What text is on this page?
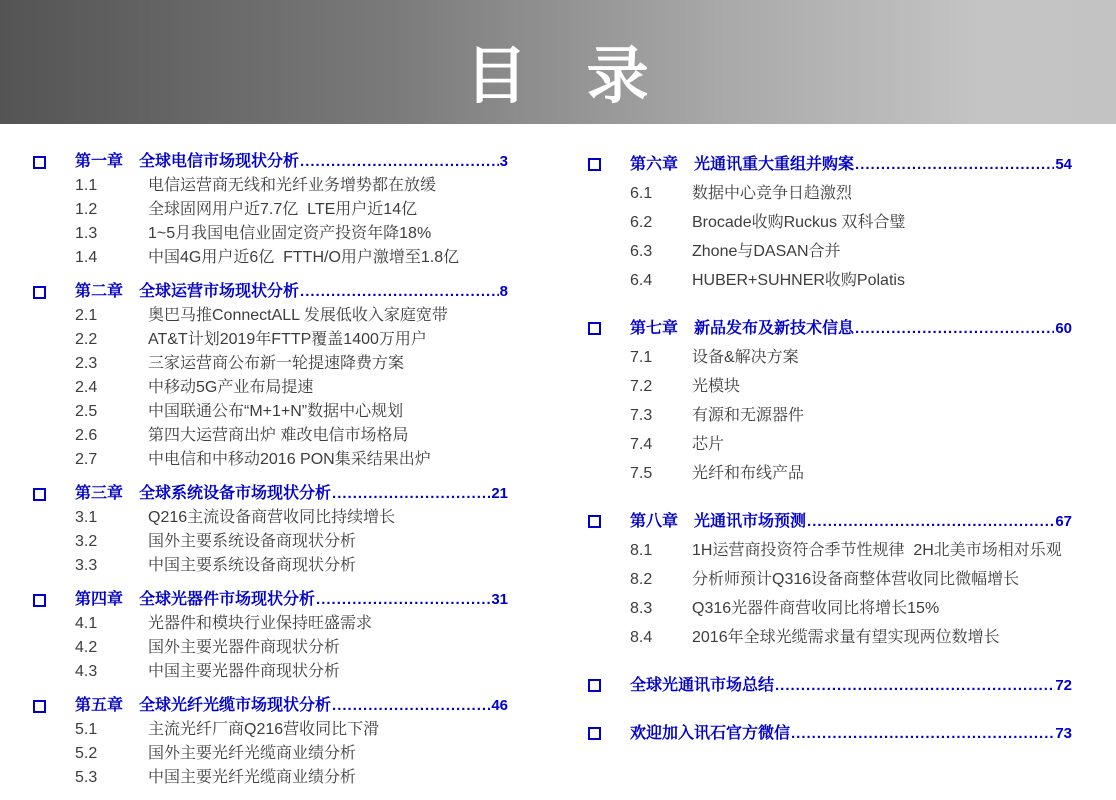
目 录
第一章 全球电信市场现状分析 .....	3
1.1	电信运营商无线和光纤业务增势都在放缓
1.2	全球固网用户近7.7亿  LTE用户近14亿
1.3	1~5月我国电信业固定资产投资年降18%
1.4	中国4G用户近6亿  FTTH/O用户激增至1.8亿
第二章 全球运营市场现状分析 .....	8
2.1	奥巴马推ConnectALL 发展低收入家庭宽带
2.2	AT&T计划2019年FTTP覆盖1400万用户
2.3	三家运营商公布新一轮提速降费方案
2.4	中移动5G产业布局提速
2.5	中国联通公布“M+1+N”数据中心规划
2.6	第四大运营商出炉 难改电信市场格局
2.7	中电信和中移动2016 PON集采结果出炉
第三章 全球系统设备市场现状分析 .....	21
3.1	Q216主流设备商营收同比持续增长
3.2	国外主要系统设备商现状分析
3.3	中国主要系统设备商现状分析
第四章 全球光器件市场现状分析 .....	31
4.1	光器件和模块行业保持旺盛需求
4.2	国外主要光器件商现状分析
4.3	中国主要光器件商现状分析
第五章 全球光纤光缆市场现状分析 .....	46
5.1	主流光纤厂商Q216营收同比下滑
5.2	国外主要光纤光缆商业绩分析
5.3	中国主要光纤光缆商业绩分析
第六章 光通讯重大重组并购案 .....	54
6.1	数据中心竞争日趋激烈
6.2	Brocade收购Ruckus 双科合璧
6.3	Zhone与DASAN合并
6.4	HUBER+SUHNER收购Polatis
第七章 新品发布及新技术信息 .....	60
7.1	设备&解决方案
7.2	光模块
7.3	有源和无源器件
7.4	芯片
7.5	光纤和布线产品
第八章 光通讯市场预测 .....	67
8.1	1H运营商投资符合季节性规律  2H北美市场相对乐观
8.2	分析师预计Q316设备商整体营收同比微幅增长
8.3	Q316光器件商营收同比将增长15%
8.4	2016年全球光缆需求量有望实现两位数增长
全球光通讯市场总结 .....	72
欢迎加入讯石官方微信 .....	73
